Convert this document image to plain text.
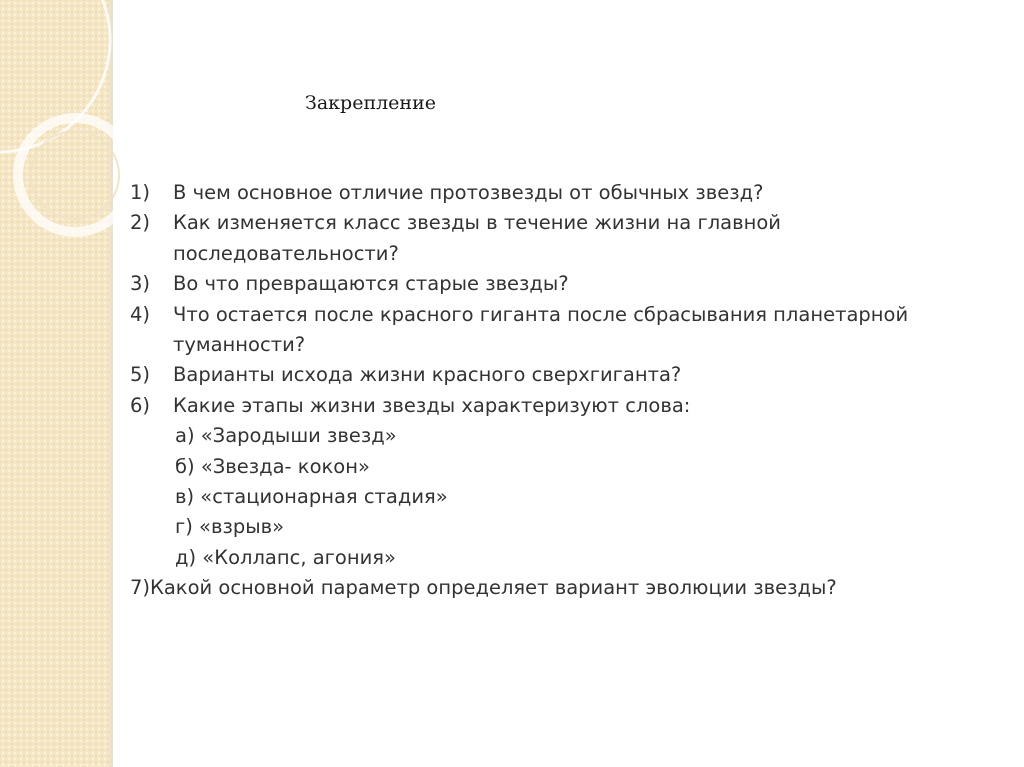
Закрепление
1)	В чем основное отличие протозвезды от обычных звезд?
2)	Как изменяется класс звезды в течение жизни на главной последовательности?
3)	Во что превращаются старые звезды?
4)	Что остается после красного гиганта после сбрасывания планетарной туманности?
5)	Варианты исхода жизни красного сверхгиганта?
6)	Какие этапы жизни звезды характеризуют слова:
а) «Зародыши звезд»
б) «Звезда- кокон»
в) «стационарная стадия»
г) «взрыв»
д) «Коллапс, агония»
7)Какой основной параметр определяет вариант эволюции звезды?
